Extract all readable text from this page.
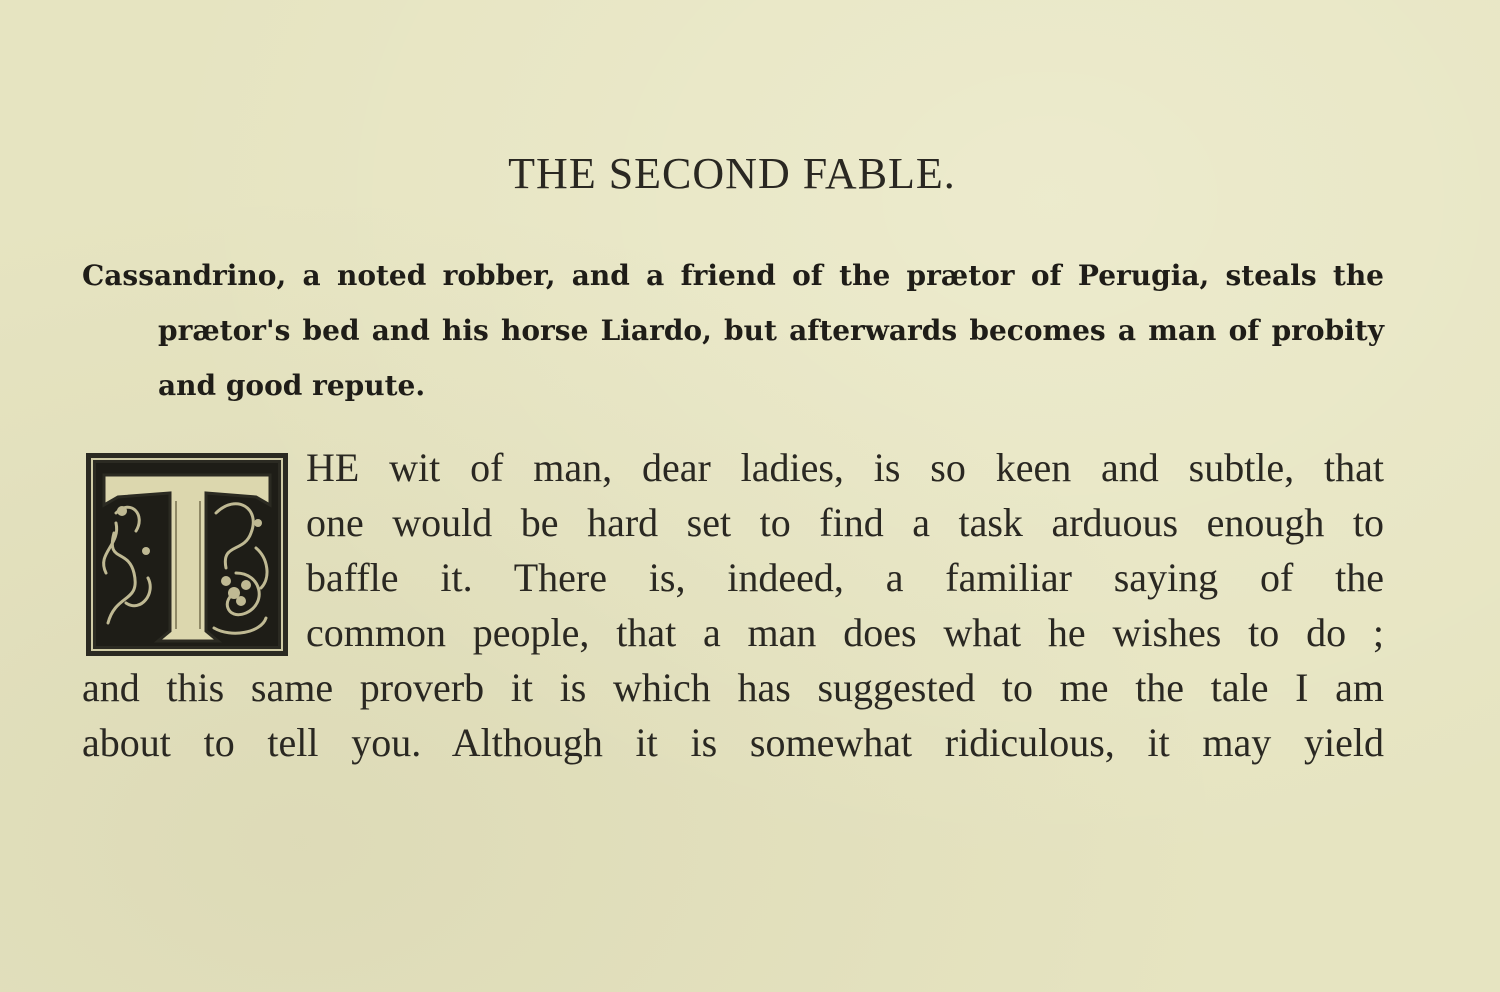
THE SECOND FABLE.

Cassandrino, a noted robber, and a friend of the prætor of Perugia, steals the prætor's bed and his horse Liardo, but afterwards becomes a man of probity and good repute.

HE wit of man, dear ladies, is so keen and subtle, that
one would be hard set to find a task arduous enough to
baffle it. There is, indeed, a familiar saying of the
common people, that a man does what he wishes to do ;
and this same proverb it is which has suggested to me the tale I am
about to tell you. Although it is somewhat ridiculous, it may yield
